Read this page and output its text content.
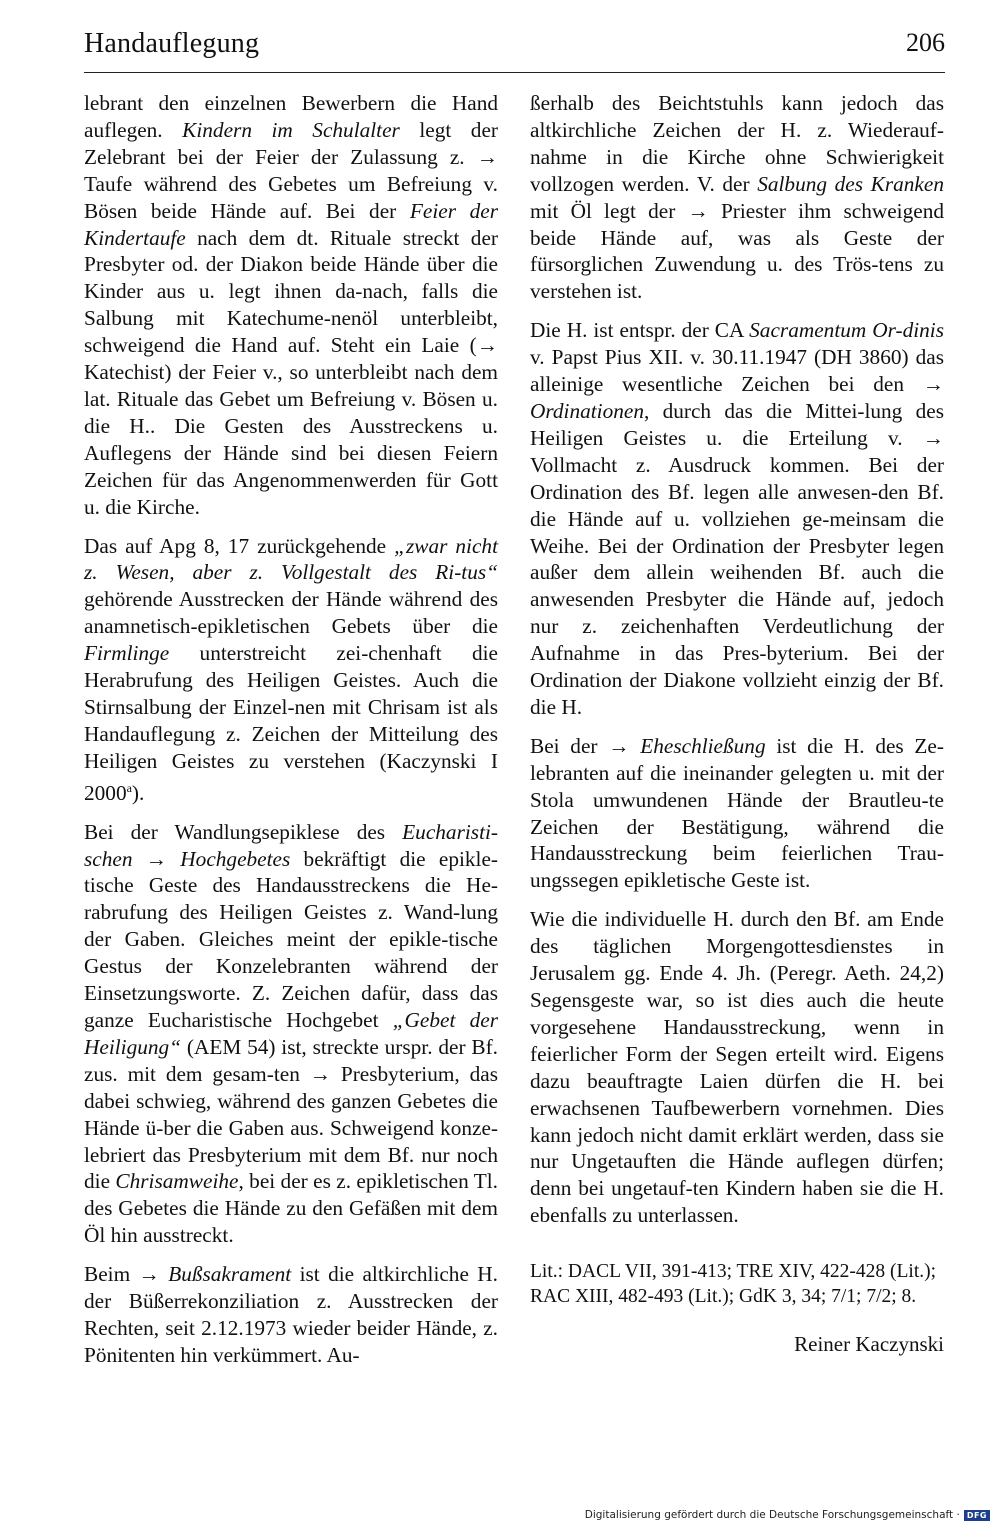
Handauflegung	206

lebrant den einzelnen Bewerbern die Hand auflegen. Kindern im Schulalter legt der Zelebrant bei der Feier der Zulassung z. → Taufe während des Gebetes um Befreiung v. Bösen beide Hände auf. Bei der Feier der Kindertaufe nach dem dt. Rituale streckt der Presbyter od. der Diakon beide Hände über die Kinder aus u. legt ihnen da-nach, falls die Salbung mit Katechume-nenöl unterbleibt, schweigend die Hand auf. Steht ein Laie (→ Katechist) der Feier v., so unterbleibt nach dem lat. Rituale das Gebet um Befreiung v. Bösen u. die H.. Die Gesten des Ausstreckens u. Auflegens der Hände sind bei diesen Feiern Zeichen für das Angenommenwerden für Gott u. die Kirche.

Das auf Apg 8, 17 zurückgehende „zwar nicht z. Wesen, aber z. Vollgestalt des Ri-tus“ gehörende Ausstrecken der Hände während des anamnetisch-epikletischen Gebets über die Firmlinge unterstreicht zei-chenhaft die Herabrufung des Heiligen Geistes. Auch die Stirnsalbung der Einzel-nen mit Chrisam ist als Handauflegung z. Zeichen der Mitteilung des Heiligen Geistes zu verstehen (Kaczynski I 2000$^a$).

Bei der Wandlungsepiklese des Eucharisti-schen → Hochgebetes bekräftigt die epikle-tische Geste des Handausstreckens die He-rabrufung des Heiligen Geistes z. Wand-lung der Gaben. Gleiches meint der epikle-tische Gestus der Konzelebranten während der Einsetzungsworte. Z. Zeichen dafür, dass das ganze Eucharistische Hochgebet „Gebet der Heiligung“ (AEM 54) ist, streckte urspr. der Bf. zus. mit dem gesam-ten → Presbyterium, das dabei schwieg, während des ganzen Gebetes die Hände ü-ber die Gaben aus. Schweigend konze-lebriert das Presbyterium mit dem Bf. nur noch die Chrisamweihe, bei der es z. epikletischen Tl. des Gebetes die Hände zu den Gefäßen mit dem Öl hin ausstreckt.

Beim → Bußsakrament ist die altkirchliche H. der Büßerrekonziliation z. Ausstrecken der Rechten, seit 2.12.1973 wieder beider Hände, z. Pönitenten hin verkümmert. Au-

ßerhalb des Beichtstuhls kann jedoch das altkirchliche Zeichen der H. z. Wiederauf-nahme in die Kirche ohne Schwierigkeit vollzogen werden. V. der Salbung des Kranken mit Öl legt der → Priester ihm schweigend beide Hände auf, was als Geste der fürsorglichen Zuwendung u. des Trös-tens zu verstehen ist.

Die H. ist entspr. der CA Sacramentum Or-dinis v. Papst Pius XII. v. 30.11.1947 (DH 3860) das alleinige wesentliche Zeichen bei den → Ordinationen, durch das die Mittei-lung des Heiligen Geistes u. die Erteilung v. → Vollmacht z. Ausdruck kommen. Bei der Ordination des Bf. legen alle anwesen-den Bf. die Hände auf u. vollziehen ge-meinsam die Weihe. Bei der Ordination der Presbyter legen außer dem allein weihenden Bf. auch die anwesenden Presbyter die Hände auf, jedoch nur z. zeichenhaften Verdeutlichung der Aufnahme in das Pres-byterium. Bei der Ordination der Diakone vollzieht einzig der Bf. die H.

Bei der → Eheschließung ist die H. des Ze-lebranten auf die ineinander gelegten u. mit der Stola umwundenen Hände der Brautleu-te Zeichen der Bestätigung, während die Handausstreckung beim feierlichen Trau-ungssegen epikletische Geste ist.

Wie die individuelle H. durch den Bf. am Ende des täglichen Morgengottesdienstes in Jerusalem gg. Ende 4. Jh. (Peregr. Aeth. 24,2) Segensgeste war, so ist dies auch die heute vorgesehene Handausstreckung, wenn in feierlicher Form der Segen erteilt wird. Eigens dazu beauftragte Laien dürfen die H. bei erwachsenen Taufbewerbern vornehmen. Dies kann jedoch nicht damit erklärt werden, dass sie nur Ungetauften die Hände auflegen dürfen; denn bei ungetauf-ten Kindern haben sie die H. ebenfalls zu unterlassen.

Lit.: DACL VII, 391-413; TRE XIV, 422-428 (Lit.); RAC XIII, 482-493 (Lit.); GdK 3, 34; 7/1; 7/2; 8.

Reiner Kaczynski

Digitalisierung gefördert durch die Deutsche Forschungsgemeinschaft · DFG
